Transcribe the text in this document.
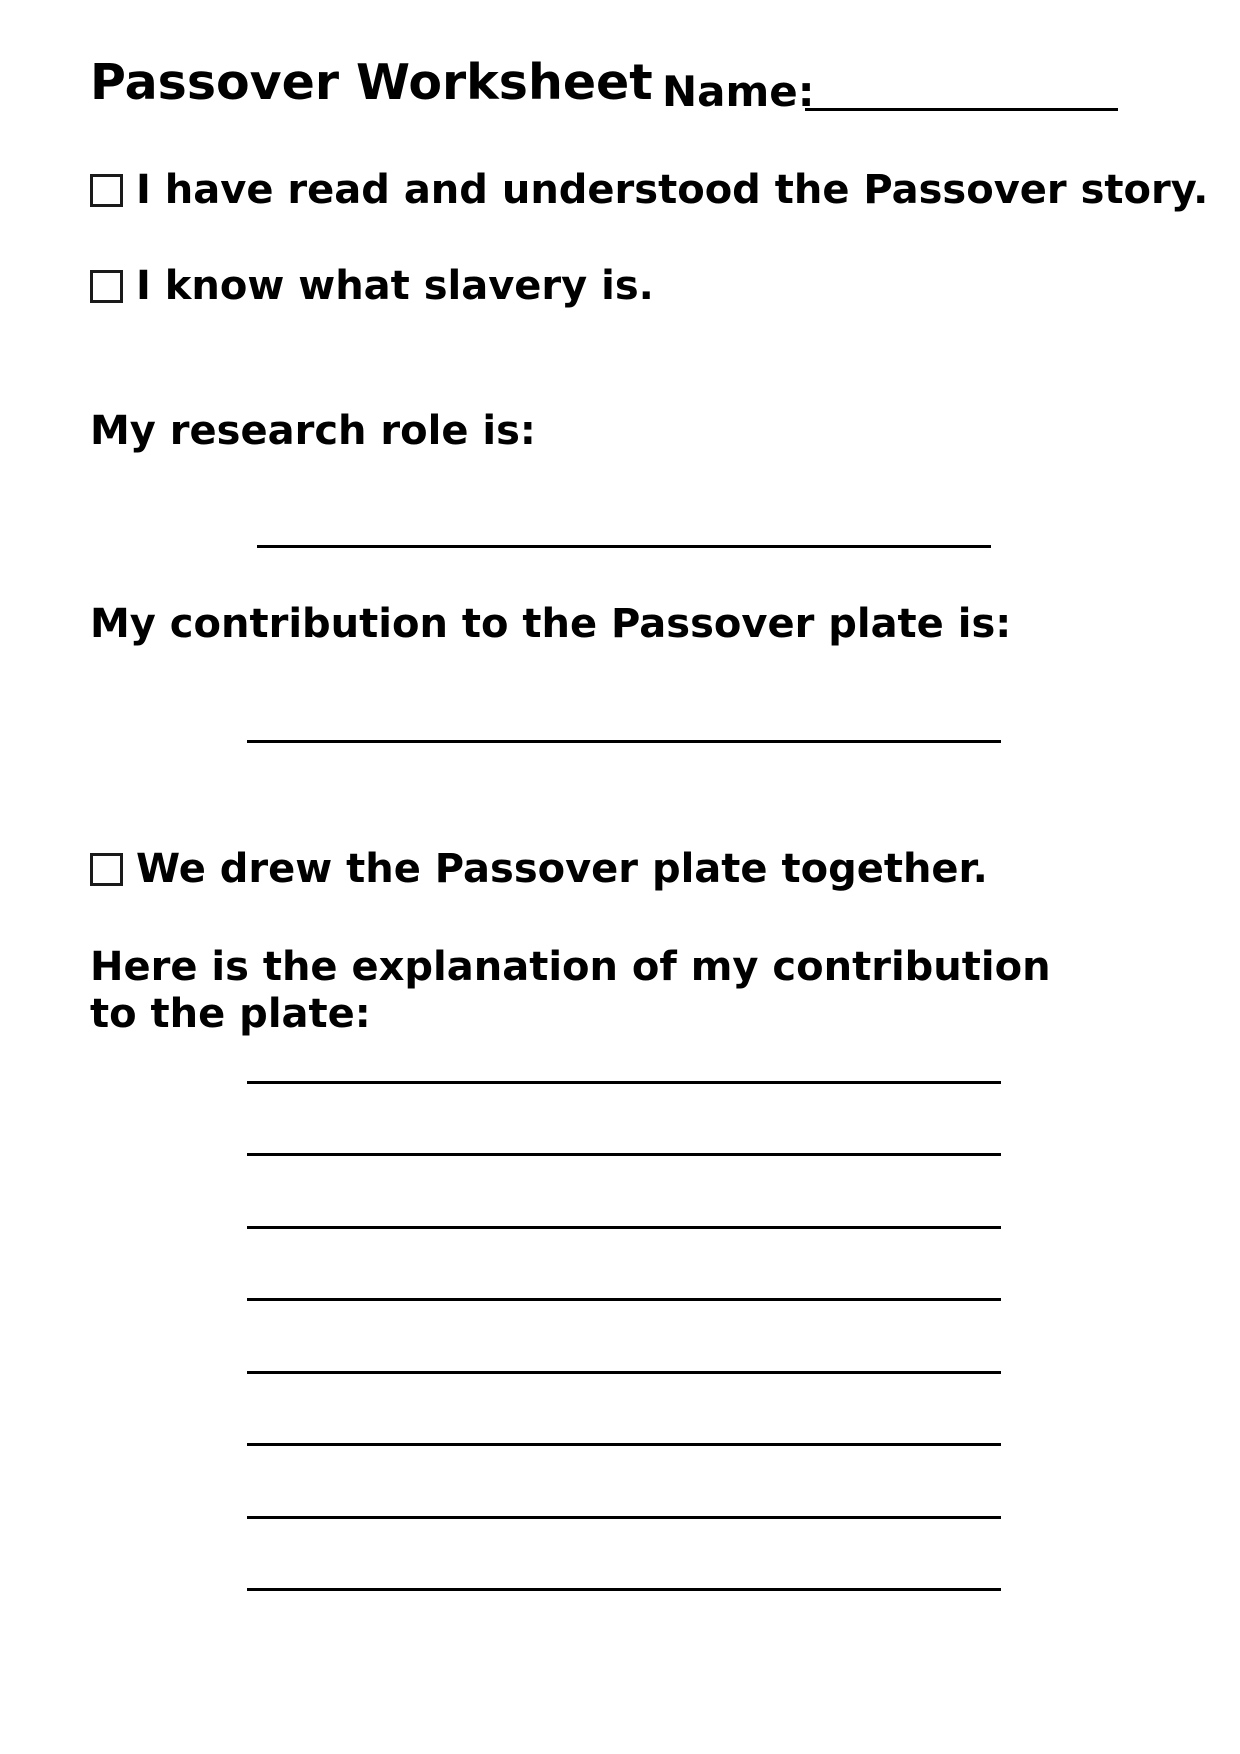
Passover Worksheet Name:
I have read and understood the Passover story.
I know what slavery is.
My research role is:
My contribution to the Passover plate is:
We drew the Passover plate together.
Here is the explanation of my contribution to the plate:
